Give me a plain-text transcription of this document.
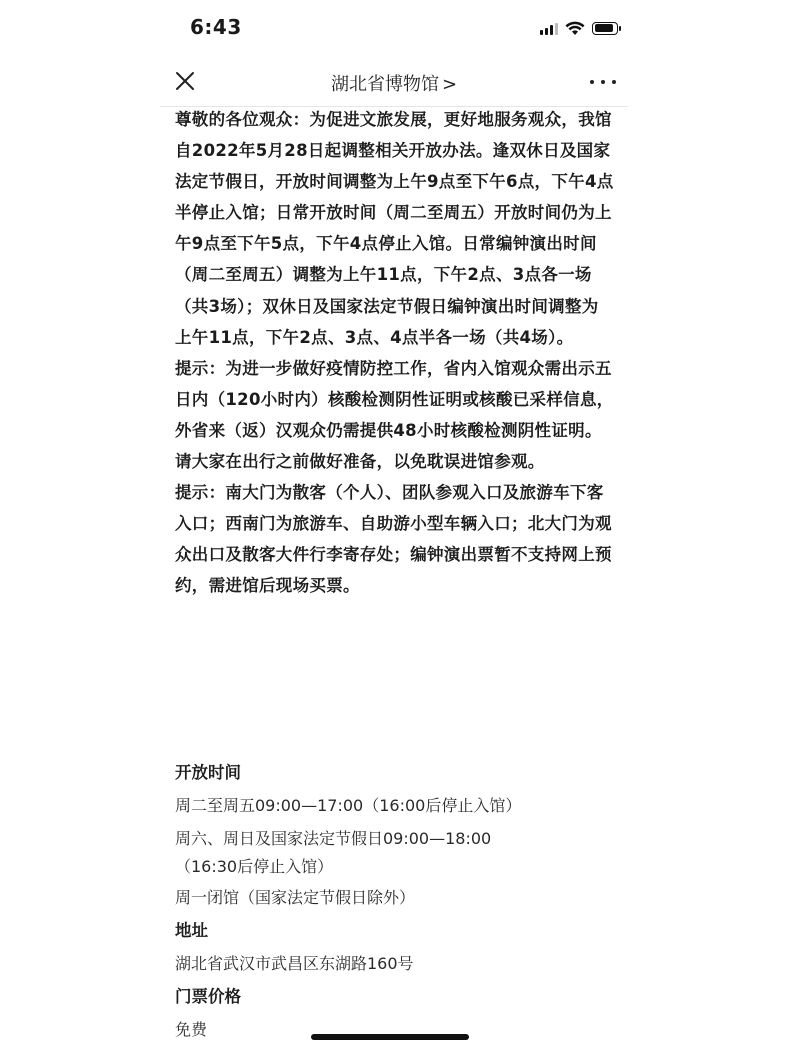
6:43
湖北省博物馆 >

尊敬的各位观众：为促进文旅发展，更好地服务观众，我馆自2022年5月28日起调整相关开放办法。逢双休日及国家法定节假日，开放时间调整为上午9点至下午6点，下午4点半停止入馆；日常开放时间（周二至周五）开放时间仍为上午9点至下午5点，下午4点停止入馆。日常编钟演出时间（周二至周五）调整为上午11点，下午2点、3点各一场（共3场）；双休日及国家法定节假日编钟演出时间调整为上午11点，下午2点、3点、4点半各一场（共4场）。

提示：为进一步做好疫情防控工作，省内入馆观众需出示五日内（120小时内）核酸检测阴性证明或核酸已采样信息，外省来（返）汉观众仍需提供48小时核酸检测阴性证明。请大家在出行之前做好准备，以免耽误进馆参观。

提示：南大门为散客（个人）、团队参观入口及旅游车下客入口；西南门为旅游车、自助游小型车辆入口；北大门为观众出口及散客大件行李寄存处；编钟演出票暂不支持网上预约，需进馆后现场买票。

开放时间
周二至周五09:00—17:00（16:00后停止入馆）
周六、周日及国家法定节假日09:00—18:00
（16:30后停止入馆）
周一闭馆（国家法定节假日除外）
地址
湖北省武汉市武昌区东湖路160号
门票价格
免费
